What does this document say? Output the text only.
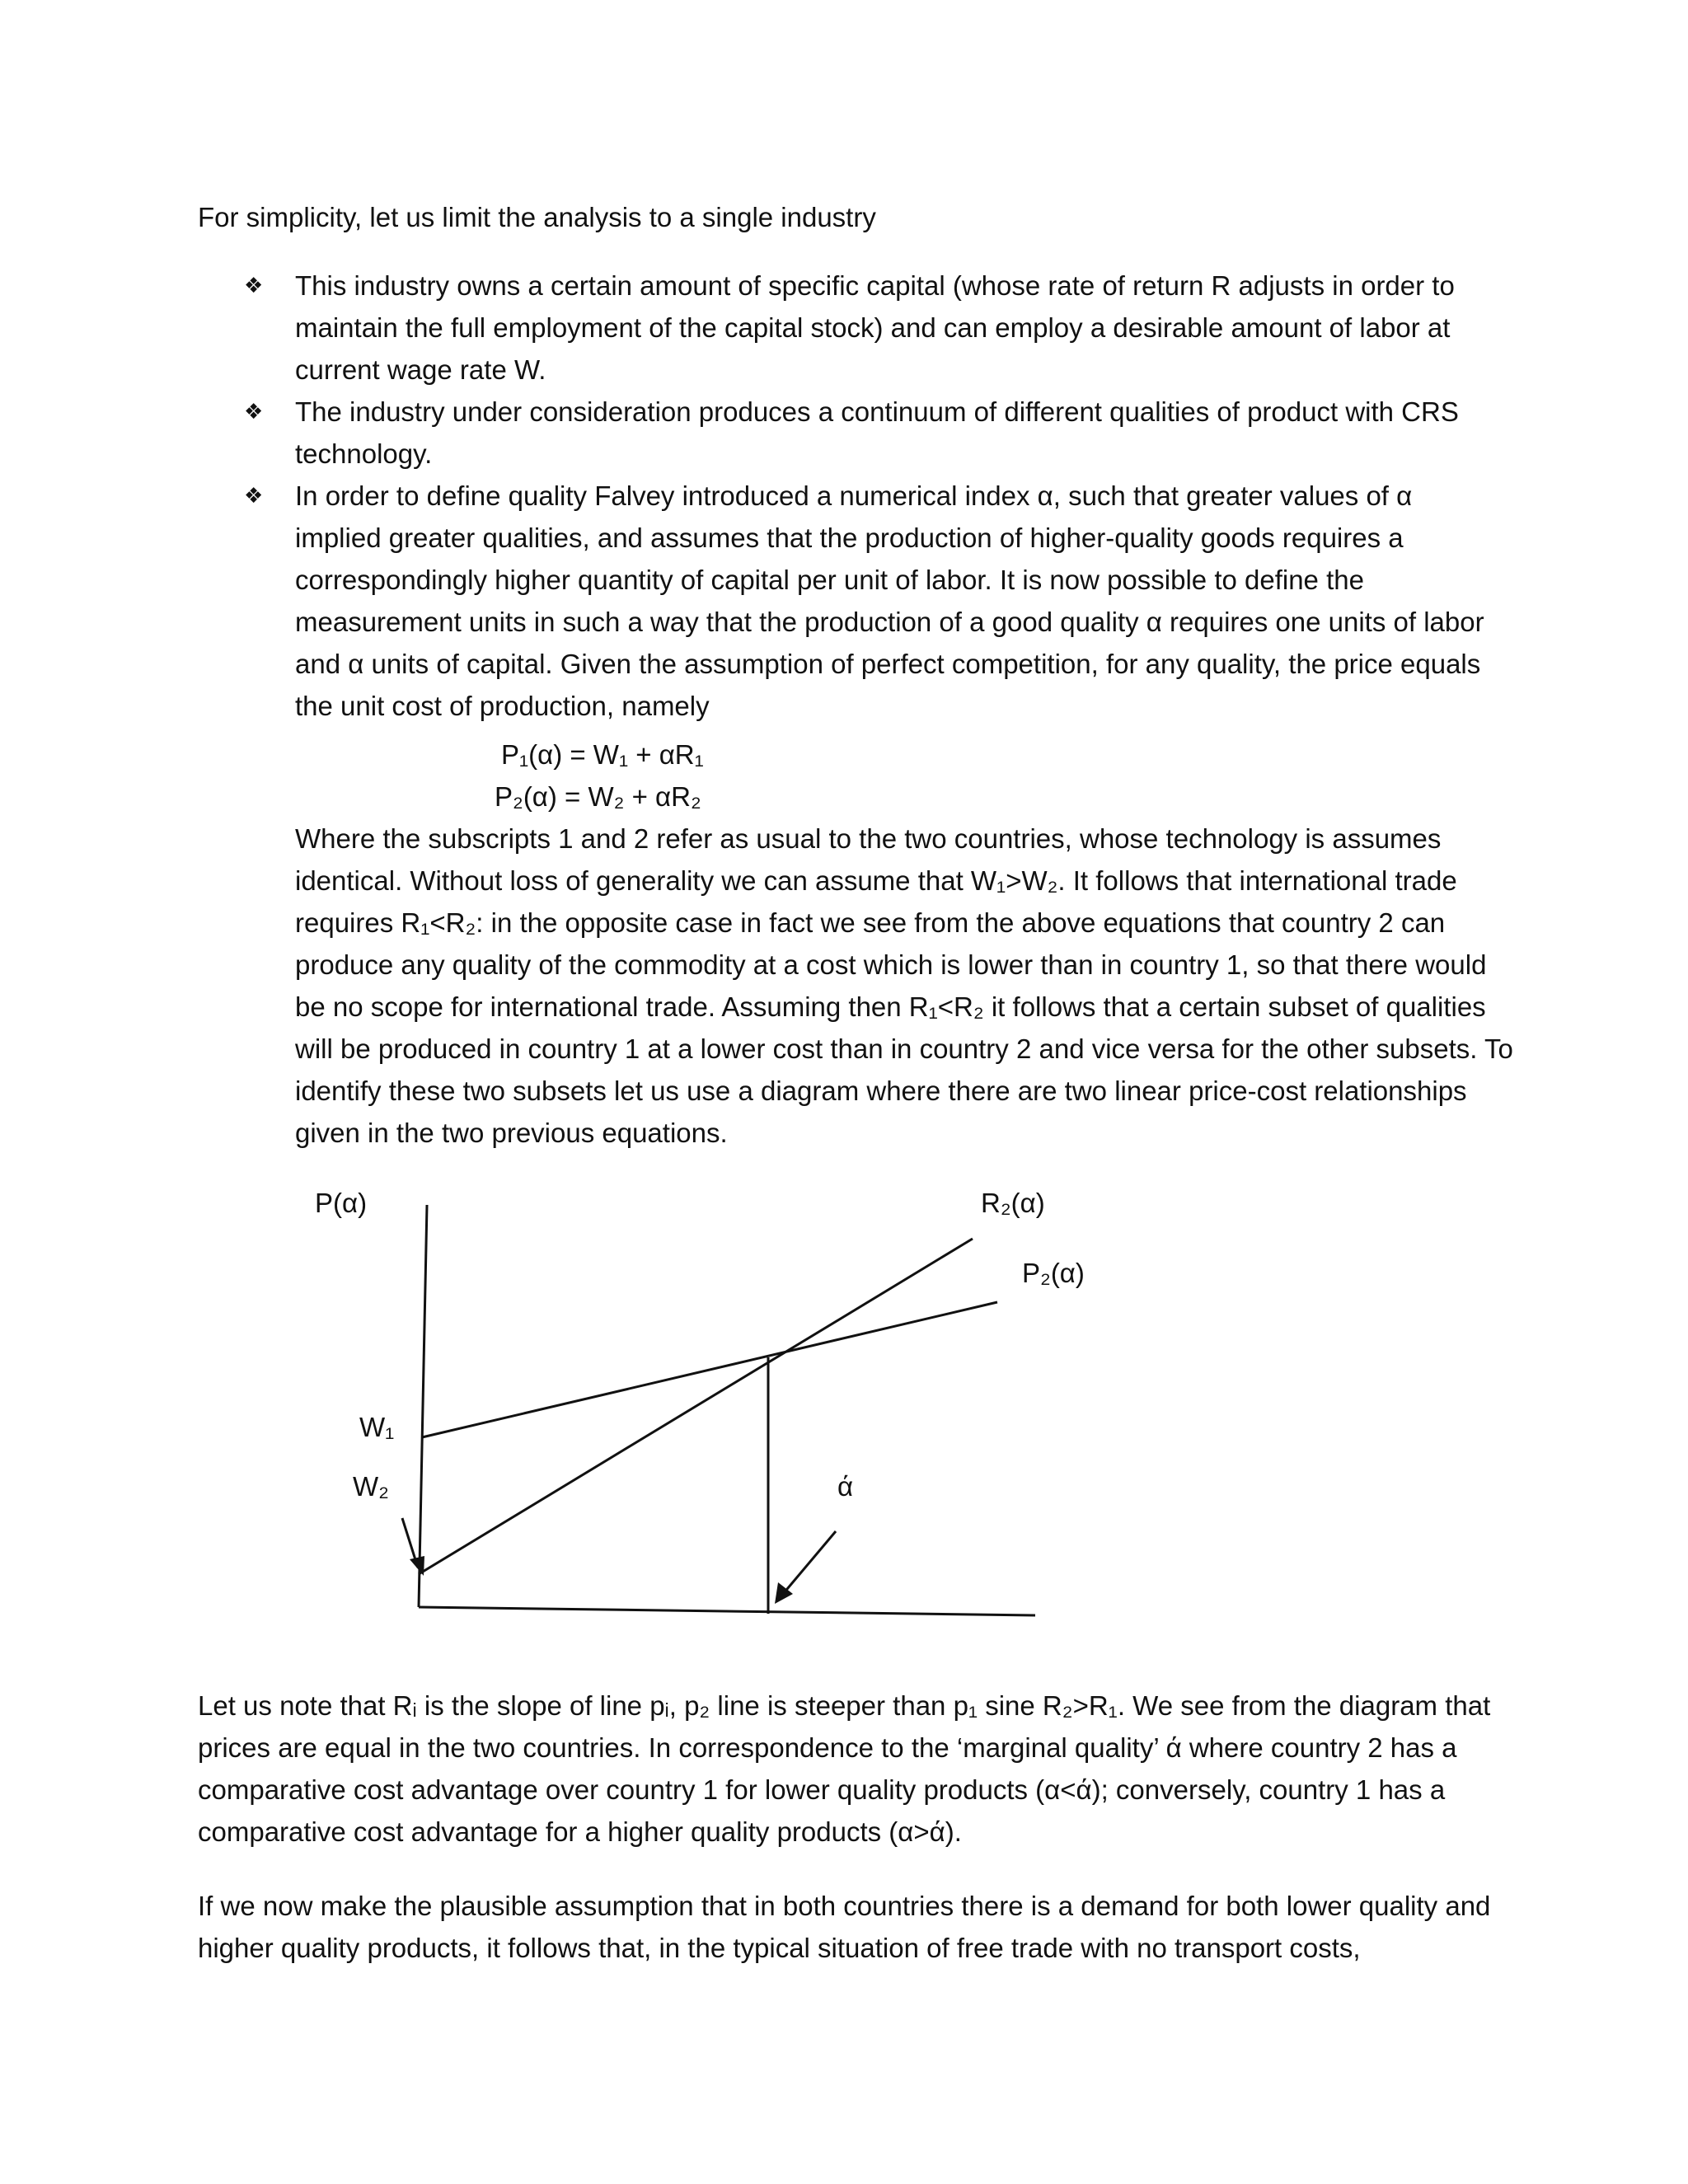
For simplicity, let us limit the analysis to a single industry

❖ This industry owns a certain amount of specific capital (whose rate of return R adjusts in order to maintain the full employment of the capital stock) and can employ a desirable amount of labor at current wage rate W.
❖ The industry under consideration produces a continuum of different qualities of product with CRS technology.
❖ In order to define quality Falvey introduced a numerical index α, such that greater values of α implied greater qualities, and assumes that the production of higher-quality goods requires a correspondingly higher quantity of capital per unit of labor. It is now possible to define the measurement units in such a way that the production of a good quality α requires one units of labor and α units of capital. Given the assumption of perfect competition, for any quality, the price equals the unit cost of production, namely

P₁(α) = W₁ + αR₁

P₂(α) = W₂ + αR₂

Where the subscripts 1 and 2 refer as usual to the two countries, whose technology is assumes identical. Without loss of generality we can assume that W₁>W₂. It follows that international trade requires R₁<R₂: in the opposite case in fact we see from the above equations that country 2 can produce any quality of the commodity at a cost which is lower than in country 1, so that there would be no scope for international trade. Assuming then R₁<R₂ it follows that a certain subset of qualities will be produced in country 1 at a lower cost than in country 2 and vice versa for the other subsets. To identify these two subsets let us use a diagram where there are two linear price-cost relationships given in the two previous equations.

P(α)	R₂(α)

P₂(α)

W₁

W₂	ά

Let us note that Rᵢ is the slope of line pᵢ, p₂ line is steeper than p₁ sine R₂>R₁. We see from the diagram that prices are equal in the two countries. In correspondence to the ‘marginal quality’ ά where country 2 has a comparative cost advantage over country 1 for lower quality products (α<ά); conversely, country 1 has a comparative cost advantage for a higher quality products (α>ά).

If we now make the plausible assumption that in both countries there is a demand for both lower quality and higher quality products, it follows that, in the typical situation of free trade with no transport costs,
